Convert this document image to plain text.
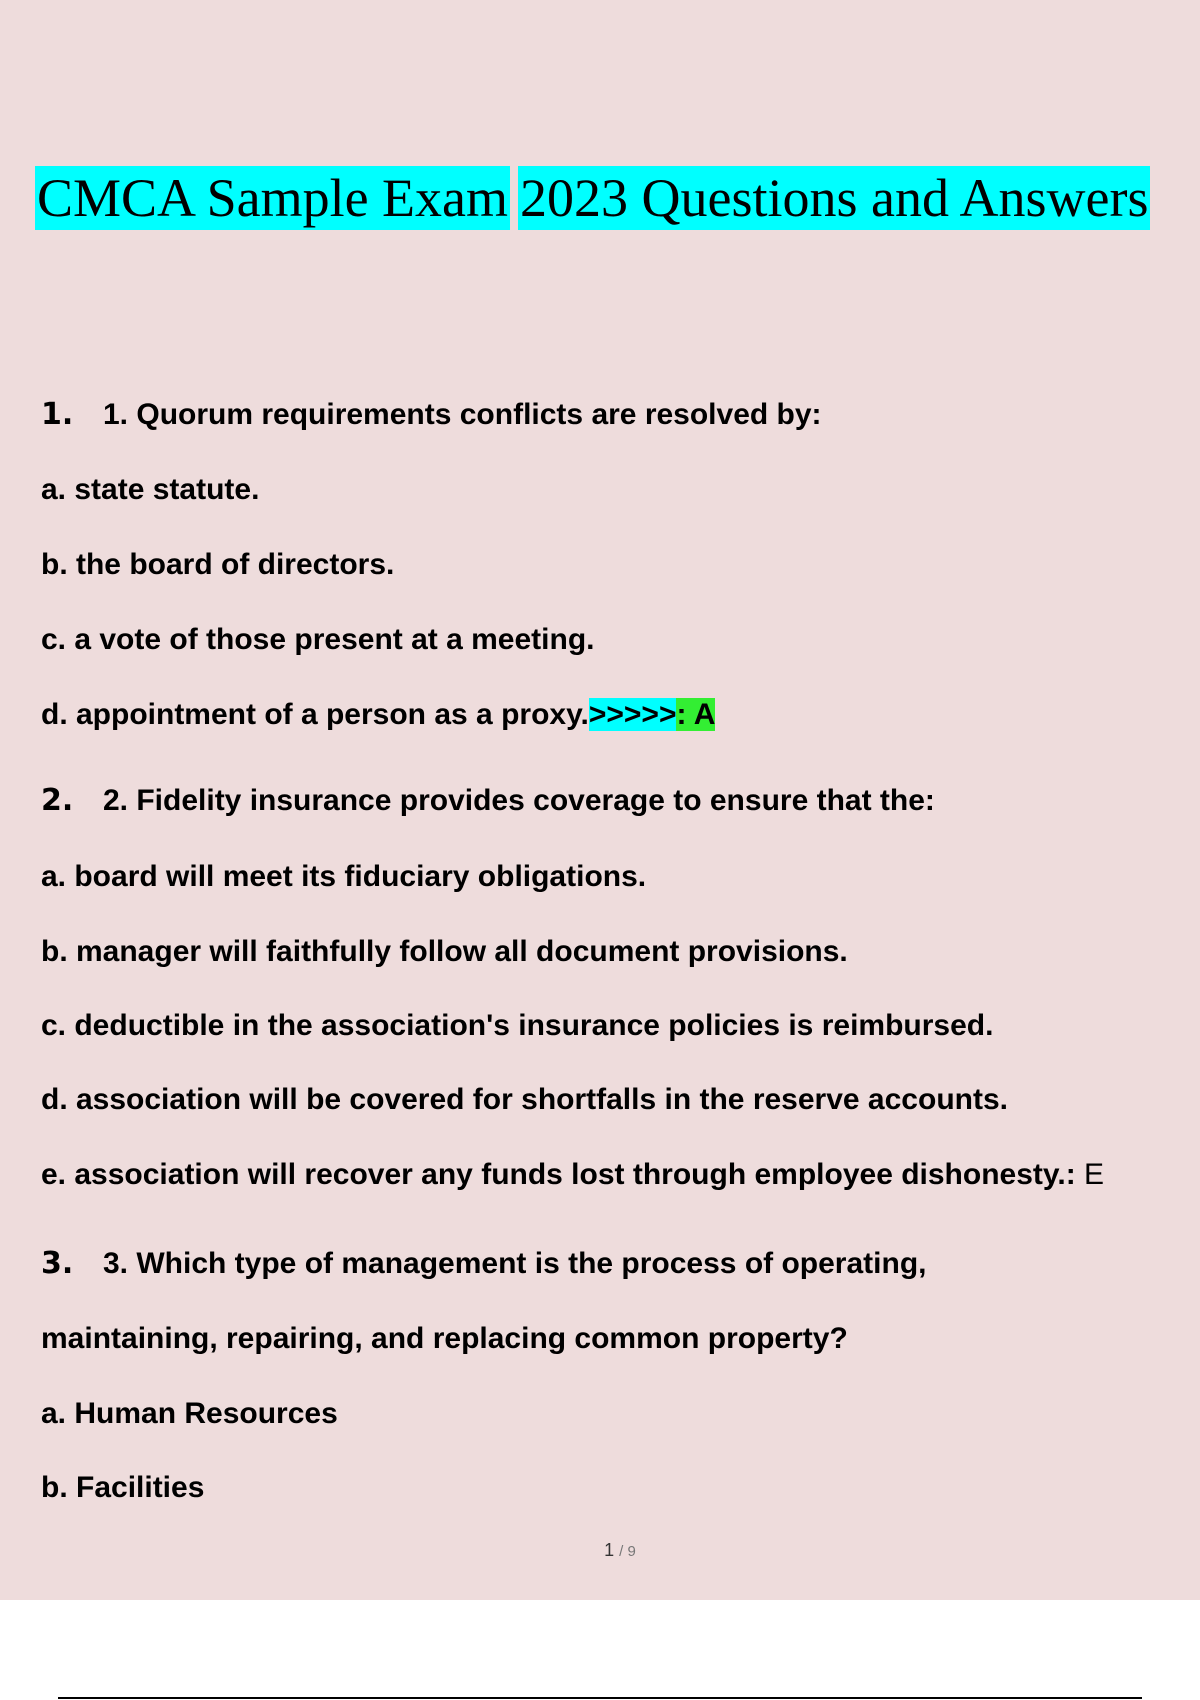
CMCA Sample Exam 2023 Questions and Answers
1. 1. Quorum requirements conflicts are resolved by:
a. state statute.
b. the board of directors.
c. a vote of those present at a meeting.
d. appointment of a person as a proxy.>>>>>: A
2. 2. Fidelity insurance provides coverage to ensure that the:
a. board will meet its fiduciary obligations.
b. manager will faithfully follow all document provisions.
c. deductible in the association's insurance policies is reimbursed.
d. association will be covered for shortfalls in the reserve accounts.
e. association will recover any funds lost through employee dishonesty.: E
3. 3. Which type of management is the process of operating,
maintaining, repairing, and replacing common property?
a. Human Resources
b. Facilities
1 / 9
